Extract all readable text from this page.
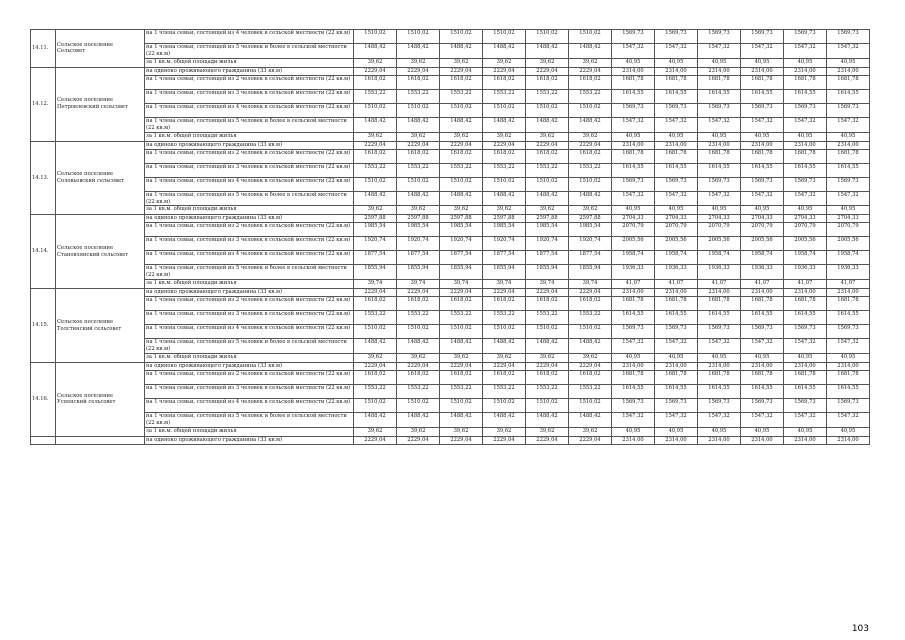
14.11.	Сельское поселение
Сельсовет	на 1 члена семьи, состоящей из 4 человек в сельской местности (22 кв.м)	1510,02	1510,02	1510,02	1510,02	1510,02	1510,02	1569,73	1569,73	1569,73	1569,73	1569,73	1569,73
		на 1 члена семьи, состоящей из 5 человек и более в сельской местности (22 кв.м)	1488,42	1488,42	1488,42	1488,42	1488,42	1488,42	1547,32	1547,32	1547,32	1547,32	1547,32	1547,32
		за 1 кв.м. общей площади жилья	39,62	39,62	39,62	39,62	39,62	39,62	40,95	40,95	40,95	40,95	40,95	40,95
14.12.	Сельское поселение
Петровлевский сельсовет	на одиноко проживающего гражданина (33 кв.м)	2229,04	2229,04	2229,04	2229,04	2229,04	2229,04	2314,00	2314,00	2314,00	2314,00	2314,00	2314,00
		на 1 члена семьи, состоящей из 2 человек в сельской местности (22 кв.м)	1618,02	1618,02	1618,02	1618,02	1618,02	1618,02	1681,78	1681,78	1681,78	1681,78	1681,78	1681,78
		на 1 члена семьи, состоящей из 3 человек в сельской местности (22 кв.м)	1553,22	1553,22	1553,22	1553,22	1553,22	1553,22	1614,55	1614,55	1614,55	1614,55	1614,55	1614,55
		на 1 члена семьи, состоящей из 4 человек в сельской местности (22 кв.м)	1510,02	1510,02	1510,02	1510,02	1510,02	1510,02	1569,73	1569,73	1569,73	1569,73	1569,73	1569,73
		на 1 члена семьи, состоящей из 5 человек и более в сельской местности (22 кв.м)	1488,42	1488,42	1488,42	1488,42	1488,42	1488,42	1547,32	1547,32	1547,32	1547,32	1547,32	1547,32
		за 1 кв.м. общей площади жилья	39,62	39,62	39,62	39,62	39,62	39,62	40,95	40,95	40,95	40,95	40,95	40,95
14.13.	Сельское поселение
Соловьевский сельсовет	на одиноко проживающего гражданина (33 кв.м)	2229,04	2229,04	2229,04	2229,04	2229,04	2229,04	2314,00	2314,00	2314,00	2314,00	2314,00	2314,00
		на 1 члена семьи, состоящей из 2 человек в сельской местности (22 кв.м)	1618,02	1618,02	1618,02	1618,02	1618,02	1618,02	1681,78	1681,78	1681,78	1681,78	1681,78	1681,78
		на 1 члена семьи, состоящей из 3 человек в сельской местности (22 кв.м)	1553,22	1553,22	1553,22	1553,22	1553,22	1553,22	1614,55	1614,55	1614,55	1614,55	1614,55	1614,55
		на 1 члена семьи, состоящей из 4 человек в сельской местности (22 кв.м)	1510,02	1510,02	1510,02	1510,02	1510,02	1510,02	1569,73	1569,73	1569,73	1569,73	1569,73	1569,73
		на 1 члена семьи, состоящей из 5 человек и более в сельской местности (22 кв.м)	1488,42	1488,42	1488,42	1488,42	1488,42	1488,42	1547,32	1547,32	1547,32	1547,32	1547,32	1547,32
		за 1 кв.м. общей площади жилья	39,62	39,62	39,62	39,62	39,62	39,62	40,95	40,95	40,95	40,95	40,95	40,95
14.14.	Сельское поселение
Становлянский сельсовет	на одиноко проживающего гражданина (33 кв.м)	2597,88	2597,88	2597,88	2597,88	2597,88	2597,88	2704,33	2704,33	2704,33	2704,33	2704,33	2704,33
		на 1 члена семьи, состоящей из 2 человек в сельской местности (22 кв.м)	1985,54	1985,54	1985,54	1985,54	1985,54	1985,54	2070,79	2070,79	2070,79	2070,79	2070,79	2070,79
		на 1 члена семьи, состоящей из 3 человек в сельской местности (22 кв.м)	1920,74	1920,74	1920,74	1920,74	1920,74	1920,74	2005,56	2005,56	2005,56	2005,56	2005,56	2005,56
		на 1 члена семьи, состоящей из 4 человек в сельской местности (22 кв.м)	1877,54	1877,54	1877,54	1877,54	1877,54	1877,54	1958,74	1958,74	1958,74	1958,74	1958,74	1958,74
		на 1 члена семьи, состоящей из 5 человек и более в сельской местности (22 кв.м)	1855,94	1855,94	1855,94	1855,94	1855,94	1855,94	1936,33	1936,33	1936,33	1936,33	1936,33	1936,33
		за 1 кв.м. общей площади жилья	39,74	39,74	39,74	39,74	39,74	39,74	41,07	41,07	41,07	41,07	41,07	41,07
14.15.	Сельское поселение
Толстинский сельсовет	на одиноко проживающего гражданина (33 кв.м)	2229,04	2229,04	2229,04	2229,04	2229,04	2229,04	2314,00	2314,00	2314,00	2314,00	2314,00	2314,00
		на 1 члена семьи, состоящей из 2 человек в сельской местности (22 кв.м)	1618,02	1618,02	1618,02	1618,02	1618,02	1618,02	1681,78	1681,78	1681,78	1681,78	1681,78	1681,78
		на 1 члена семьи, состоящей из 3 человек в сельской местности (22 кв.м)	1553,22	1553,22	1553,22	1553,22	1553,22	1553,22	1614,55	1614,55	1614,55	1614,55	1614,55	1614,55
		на 1 члена семьи, состоящей из 4 человек в сельской местности (22 кв.м)	1510,02	1510,02	1510,02	1510,02	1510,02	1510,02	1569,73	1569,73	1569,73	1569,73	1569,73	1569,73
		на 1 члена семьи, состоящей из 5 человек и более в сельской местности (22 кв.м)	1488,42	1488,42	1488,42	1488,42	1488,42	1488,42	1547,32	1547,32	1547,32	1547,32	1547,32	1547,32
		за 1 кв.м. общей площади жилья	39,62	39,62	39,62	39,62	39,62	39,62	40,95	40,95	40,95	40,95	40,95	40,95
14.16.	Сельское поселение
Успенский сельсовет	на одиноко проживающего гражданина (33 кв.м)	2229,04	2229,04	2229,04	2229,04	2229,04	2229,04	2314,00	2314,00	2314,00	2314,00	2314,00	2314,00
		на 1 члена семьи, состоящей из 2 человек в сельской местности (22 кв.м)	1618,02	1618,02	1618,02	1618,02	1618,02	1618,02	1681,78	1681,78	1681,78	1681,78	1681,78	1681,78
		на 1 члена семьи, состоящей из 3 человек в сельской местности (22 кв.м)	1553,22	1553,22	1553,22	1553,22	1553,22	1553,22	1614,55	1614,55	1614,55	1614,55	1614,55	1614,55
		на 1 члена семьи, состоящей из 4 человек в сельской местности (22 кв.м)	1510,02	1510,02	1510,02	1510,02	1510,02	1510,02	1569,73	1569,73	1569,73	1569,73	1569,73	1569,73
		на 1 члена семьи, состоящей из 5 человек и более в сельской местности (22 кв.м)	1488,42	1488,42	1488,42	1488,42	1488,42	1488,42	1547,32	1547,32	1547,32	1547,32	1547,32	1547,32
		за 1 кв.м. общей площади жилья	39,62	39,62	39,62	39,62	39,62	39,62	40,95	40,95	40,95	40,95	40,95	40,95
		на одиноко проживающего гражданина (33 кв.м)	2229,04	2229,04	2229,04	2229,04	2229,04	2229,04	2314,00	2314,00	2314,00	2314,00	2314,00	2314,00
103
